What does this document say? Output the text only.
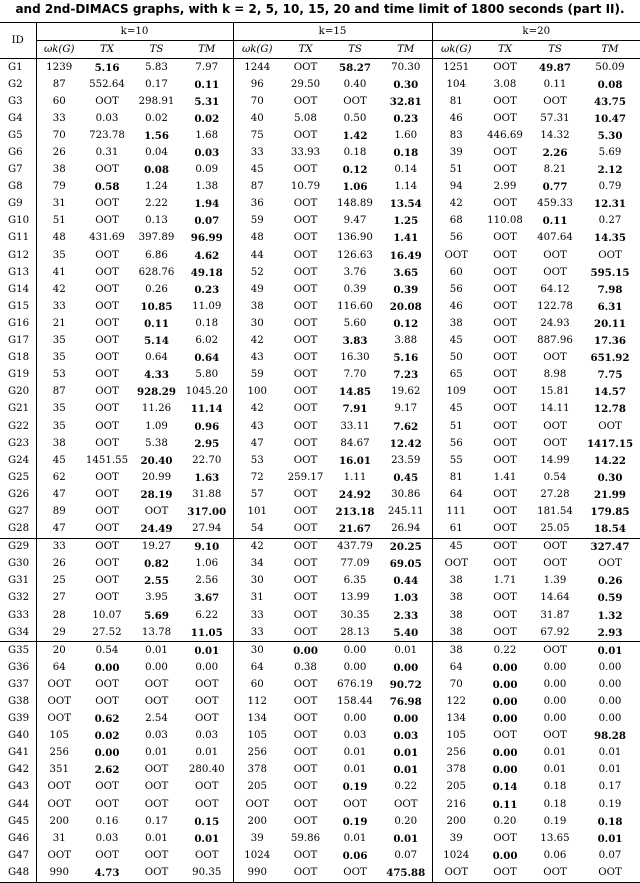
and 2nd-DIMACS graphs, with k = 2, 5, 10, 15, 20 and time limit of 1800 seconds (part II).
ID	k=10				k=15				k=20			
	ωk(G)	TX	TS	TM	ωk(G)	TX	TS	TM	ωk(G)	TX	TS	TM
G1	1239	5.16	5.83	7.97	1244	OOT	58.27	70.30	1251	OOT	49.87	50.09
G2	87	552.64	0.17	0.11	96	29.50	0.40	0.30	104	3.08	0.11	0.08
G3	60	OOT	298.91	5.31	70	OOT	OOT	32.81	81	OOT	OOT	43.75
G4	33	0.03	0.02	0.02	40	5.08	0.50	0.23	46	OOT	57.31	10.47
G5	70	723.78	1.56	1.68	75	OOT	1.42	1.60	83	446.69	14.32	5.30
G6	26	0.31	0.04	0.03	33	33.93	0.18	0.18	39	OOT	2.26	5.69
G7	38	OOT	0.08	0.09	45	OOT	0.12	0.14	51	OOT	8.21	2.12
G8	79	0.58	1.24	1.38	87	10.79	1.06	1.14	94	2.99	0.77	0.79
G9	31	OOT	2.22	1.94	36	OOT	148.89	13.54	42	OOT	459.33	12.31
G10	51	OOT	0.13	0.07	59	OOT	9.47	1.25	68	110.08	0.11	0.27
G11	48	431.69	397.89	96.99	48	OOT	136.90	1.41	56	OOT	407.64	14.35
G12	35	OOT	6.86	4.62	44	OOT	126.63	16.49	OOT	OOT	OOT	OOT
G13	41	OOT	628.76	49.18	52	OOT	3.76	3.65	60	OOT	OOT	595.15
G14	42	OOT	0.26	0.23	49	OOT	0.39	0.39	56	OOT	64.12	7.98
G15	33	OOT	10.85	11.09	38	OOT	116.60	20.08	46	OOT	122.78	6.31
G16	21	OOT	0.11	0.18	30	OOT	5.60	0.12	38	OOT	24.93	20.11
G17	35	OOT	5.14	6.02	42	OOT	3.83	3.88	45	OOT	887.96	17.36
G18	35	OOT	0.64	0.64	43	OOT	16.30	5.16	50	OOT	OOT	651.92
G19	53	OOT	4.33	5.80	59	OOT	7.70	7.23	65	OOT	8.98	7.75
G20	87	OOT	928.29	1045.20	100	OOT	14.85	19.62	109	OOT	15.81	14.57
G21	35	OOT	11.26	11.14	42	OOT	7.91	9.17	45	OOT	14.11	12.78
G22	35	OOT	1.09	0.96	43	OOT	33.11	7.62	51	OOT	OOT	OOT
G23	38	OOT	5.38	2.95	47	OOT	84.67	12.42	56	OOT	OOT	1417.15
G24	45	1451.55	20.40	22.70	53	OOT	16.01	23.59	55	OOT	14.99	14.22
G25	62	OOT	20.99	1.63	72	259.17	1.11	0.45	81	1.41	0.54	0.30
G26	47	OOT	28.19	31.88	57	OOT	24.92	30.86	64	OOT	27.28	21.99
G27	89	OOT	OOT	317.00	101	OOT	213.18	245.11	111	OOT	181.54	179.85
G28	47	OOT	24.49	27.94	54	OOT	21.67	26.94	61	OOT	25.05	18.54
G29	33	OOT	19.27	9.10	42	OOT	437.79	20.25	45	OOT	OOT	327.47
G30	26	OOT	0.82	1.06	34	OOT	77.09	69.05	OOT	OOT	OOT	OOT
G31	25	OOT	2.55	2.56	30	OOT	6.35	0.44	38	1.71	1.39	0.26
G32	27	OOT	3.95	3.67	31	OOT	13.99	1.03	38	OOT	14.64	0.59
G33	28	10.07	5.69	6.22	33	OOT	30.35	2.33	38	OOT	31.87	1.32
G34	29	27.52	13.78	11.05	33	OOT	28.13	5.40	38	OOT	67.92	2.93
G35	20	0.54	0.01	0.01	30	0.00	0.00	0.01	38	0.22	OOT	0.01
G36	64	0.00	0.00	0.00	64	0.38	0.00	0.00	64	0.00	0.00	0.00
G37	OOT	OOT	OOT	OOT	60	OOT	676.19	90.72	70	0.00	0.00	0.00
G38	OOT	OOT	OOT	OOT	112	OOT	158.44	76.98	122	0.00	0.00	0.00
G39	OOT	0.62	2.54	OOT	134	OOT	0.00	0.00	134	0.00	0.00	0.00
G40	105	0.02	0.03	0.03	105	OOT	0.03	0.03	105	OOT	OOT	98.28
G41	256	0.00	0.01	0.01	256	OOT	0.01	0.01	256	0.00	0.01	0.01
G42	351	2.62	OOT	280.40	378	OOT	0.01	0.01	378	0.00	0.01	0.01
G43	OOT	OOT	OOT	OOT	205	OOT	0.19	0.22	205	0.14	0.18	0.17
G44	OOT	OOT	OOT	OOT	OOT	OOT	OOT	OOT	216	0.11	0.18	0.19
G45	200	0.16	0.17	0.15	200	OOT	0.19	0.20	200	0.20	0.19	0.18
G46	31	0.03	0.01	0.01	39	59.86	0.01	0.01	39	OOT	13.65	0.01
G47	OOT	OOT	OOT	OOT	1024	OOT	0.06	0.07	1024	0.00	0.06	0.07
G48	990	4.73	OOT	90.35	990	OOT	OOT	475.88	OOT	OOT	OOT	OOT
